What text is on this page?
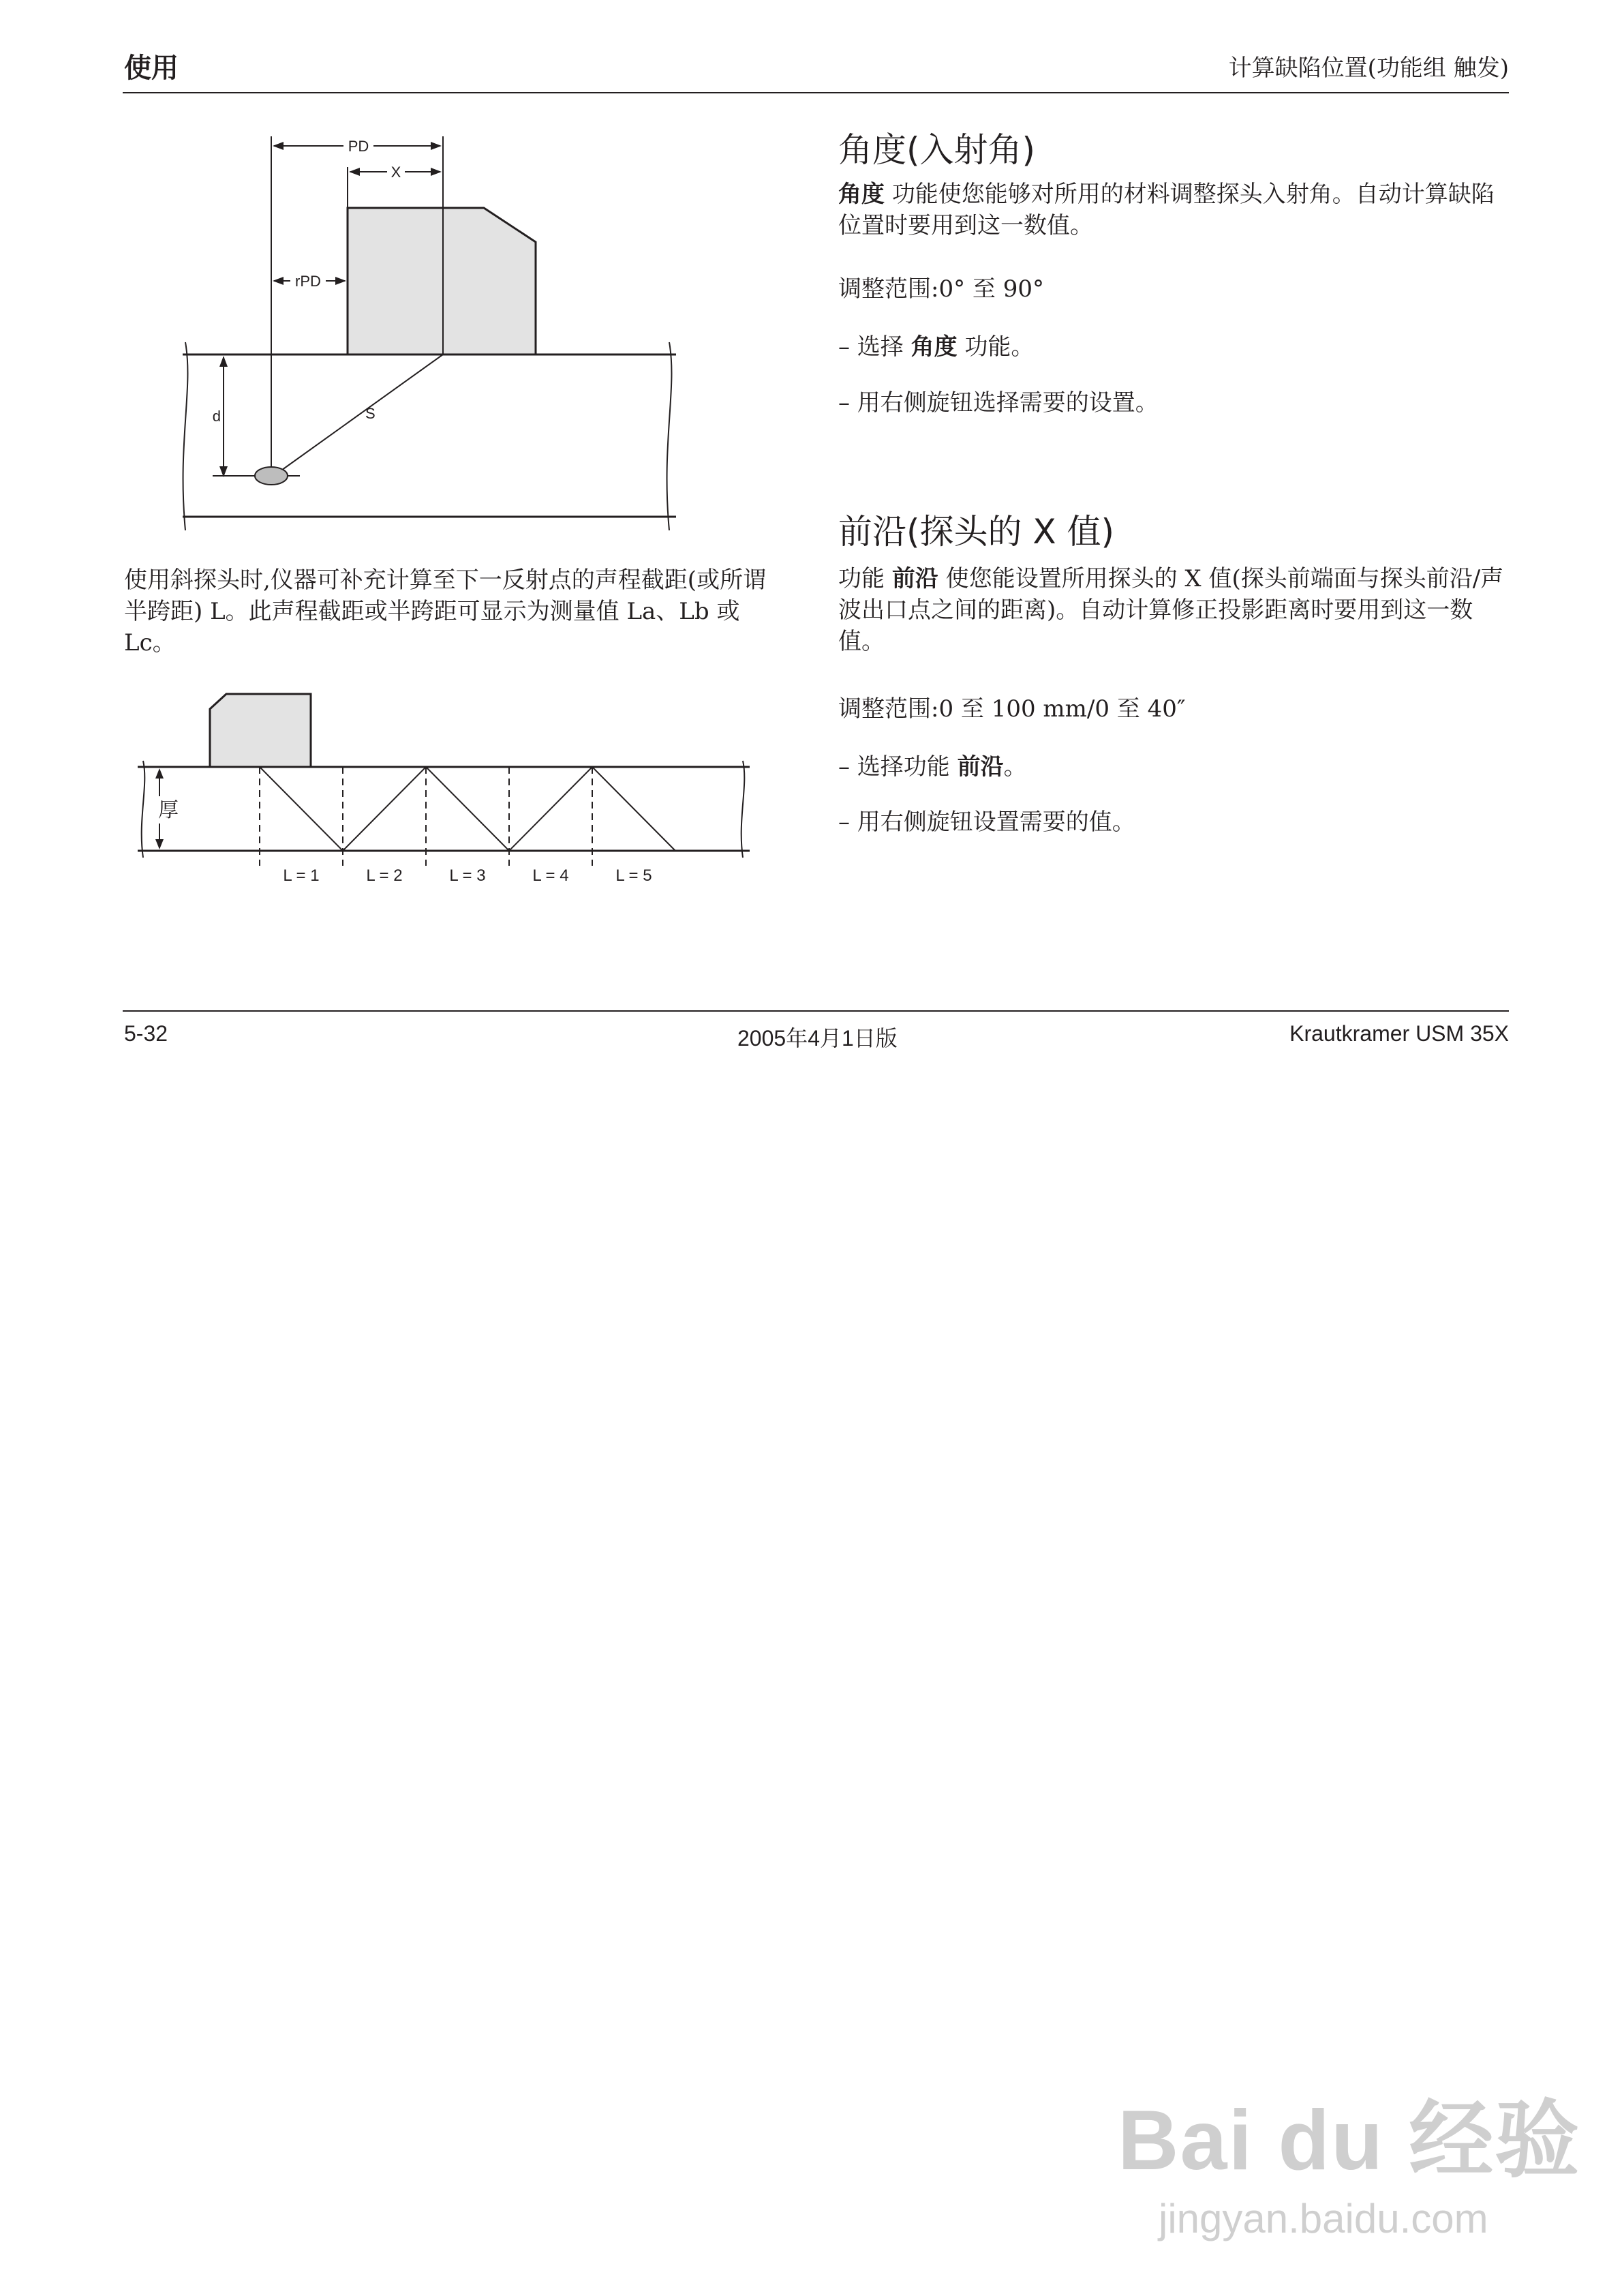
使用	计算缺陷位置(功能组 触发)
PD
X
rPD
d	S
使用斜探头时,仪器可补充计算至下一反射点的声程截距(或所谓半跨距) L。此声程截距或半跨距可显示为测量值 La、Lb 或 Lc。
厚
L = 1	L = 2	L = 3	L = 4	L = 5
角度(入射角)
角度 功能使您能够对所用的材料调整探头入射角。自动计算缺陷位置时要用到这一数值。
调整范围:0° 至 90°
– 选择 角度 功能。
– 用右侧旋钮选择需要的设置。
前沿(探头的 X 值)
功能 前沿 使您能设置所用探头的 X 值(探头前端面与探头前沿/声波出口点之间的距离)。自动计算修正投影距离时要用到这一数值。
调整范围:0 至 100 mm/0 至 40″
– 选择功能 前沿。
– 用右侧旋钮设置需要的值。
5-32	2005年4月1日版	Krautkramer USM 35X
Bai du 经验
jingyan.baidu.com
